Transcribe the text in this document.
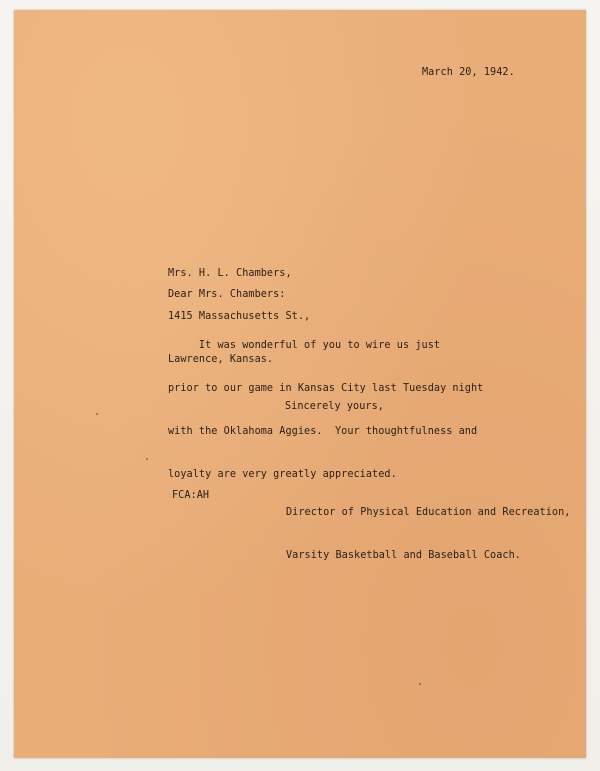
March 20, 1942.

Mrs. H. L. Chambers,

1415 Massachusetts St.,

Lawrence, Kansas.

Dear Mrs. Chambers:

It was wonderful of you to wire us just

prior to our game in Kansas City last Tuesday night

with the Oklahoma Aggies.  Your thoughtfulness and

loyalty are very greatly appreciated.

Sincerely yours,
FCA:AH

Director of Physical Education and Recreation,

Varsity Basketball and Baseball Coach.
